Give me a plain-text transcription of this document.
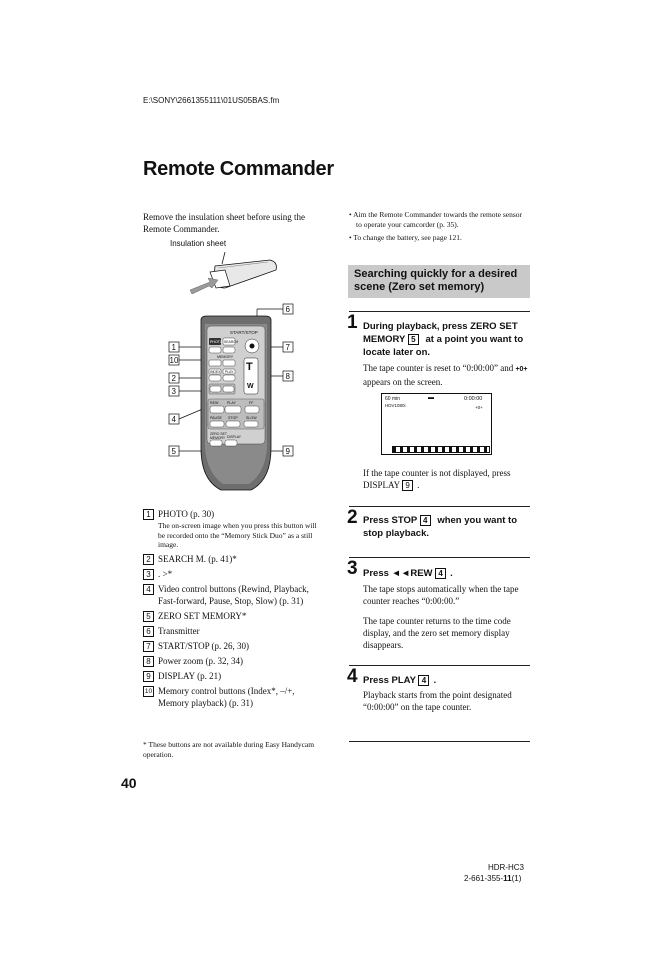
E:\SONY\2661355111\01US05BAS.fm
Remote Commander
Remove the insulation sheet before using the Remote Commander.
Insulation sheet
1
10
2
3
4
5
6
7
8
9
START/STOP
PHOTO SEARCH
MEMORY
INDEX PLAY T
W
REW PLAY	FF
PAUSE STOP SLOW
ZERO SET
MEMORY DISPLAY
1 PHOTO (p. 30)
The on-screen image when you press this button will be recorded onto the “Memory Stick Duo” as a still image.
2 SEARCH M. (p. 41)*
3 . >*
4 Video control buttons (Rewind, Playback, Fast-forward, Pause, Stop, Slow) (p. 31)
5 ZERO SET MEMORY*
6 Transmitter
7 START/STOP (p. 26, 30)
8 Power zoom (p. 32, 34)
9 DISPLAY (p. 21)
10 Memory control buttons (Index*, –/+, Memory playback) (p. 31)
* These buttons are not available during Easy Handycam operation.
40
• Aim the Remote Commander towards the remote sensor to operate your camcorder (p. 35).
• To change the battery, see page 121.
Searching quickly for a desired scene (Zero set memory)
1 During playback, press ZERO SET MEMORY 5 at a point you want to locate later on.
The tape counter is reset to “0:00:00” and +0+ appears on the screen.
60 min
HDV1080i
▬	0:00:00
+0+
If the tape counter is not displayed, press DISPLAY 9 .
2 Press STOP 4 when you want to stop playback.
3 Press ◄◄REW 4 .
The tape stops automatically when the tape counter reaches “0:00:00.”
The tape counter returns to the time code display, and the zero set memory display disappears.
4 Press PLAY 4 .
Playback starts from the point designated “0:00:00” on the tape counter.
HDR-HC3
2-661-355-11(1)
